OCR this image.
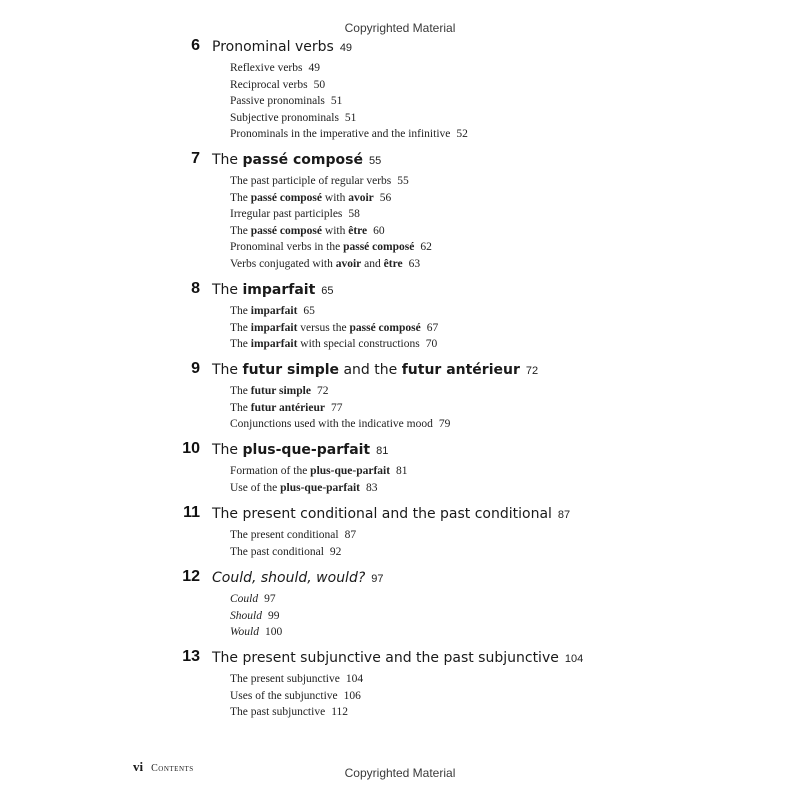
Copyrighted Material
6 Pronominal verbs 49
Reflexive verbs 49
Reciprocal verbs 50
Passive pronominals 51
Subjective pronominals 51
Pronominals in the imperative and the infinitive 52
7 The passé composé 55
The past participle of regular verbs 55
The passé composé with avoir 56
Irregular past participles 58
The passé composé with être 60
Pronominal verbs in the passé composé 62
Verbs conjugated with avoir and être 63
8 The imparfait 65
The imparfait 65
The imparfait versus the passé composé 67
The imparfait with special constructions 70
9 The futur simple and the futur antérieur 72
The futur simple 72
The futur antérieur 77
Conjunctions used with the indicative mood 79
10 The plus-que-parfait 81
Formation of the plus-que-parfait 81
Use of the plus-que-parfait 83
11 The present conditional and the past conditional 87
The present conditional 87
The past conditional 92
12 Could, should, would? 97
Could 97
Should 99
Would 100
13 The present subjunctive and the past subjunctive 104
The present subjunctive 104
Uses of the subjunctive 106
The past subjunctive 112
vi Contents	Copyrighted Material
